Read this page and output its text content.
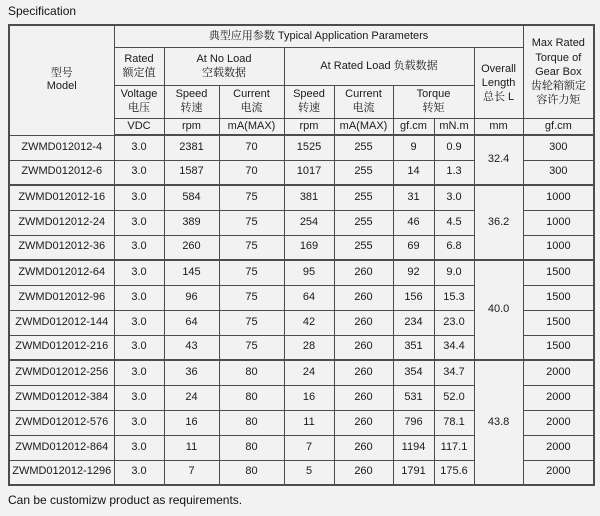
Specification
型号
Model	典型应用参数 Typical Application Parameters								Max Rated
Torque of
Gear Box
齿轮箱额定
容许力矩

	Rated
额定值	At No Load
空载数据		At Rated Load 负载数据				Overall
Length
总长 L	

	Voltage
电压	Speed
转速	Current
电流	Speed
转速	Current
电流	Torque
转矩			

	VDC	rpm	mA(MAX)	rpm	mA(MAX)	gf.cm	mN.m	mm	gf.cm
ZWMD012012-4	3.0	2381	70	1525	255	9	0.9	32.4	300
ZWMD012012-6	3.0	1587	70	1017	255	14	1.3		300
ZWMD012012-16	3.0	584	75	381	255	31	3.0	36.2	1000
ZWMD012012-24	3.0	389	75	254	255	46	4.5		1000
ZWMD012012-36	3.0	260	75	169	255	69	6.8		1000
ZWMD012012-64	3.0	145	75	95	260	92	9.0	40.0	1500
ZWMD012012-96	3.0	96	75	64	260	156	15.3		1500
ZWMD012012-144	3.0	64	75	42	260	234	23.0		1500
ZWMD012012-216	3.0	43	75	28	260	351	34.4		1500
ZWMD012012-256	3.0	36	80	24	260	354	34.7	43.8	2000
ZWMD012012-384	3.0	24	80	16	260	531	52.0		2000
ZWMD012012-576	3.0	16	80	11	260	796	78.1		2000
ZWMD012012-864	3.0	11	80	7	260	1194	117.1		2000
ZWMD012012-1296	3.0	7	80	5	260	1791	175.6		2000
Can be customizw product as requirements.
